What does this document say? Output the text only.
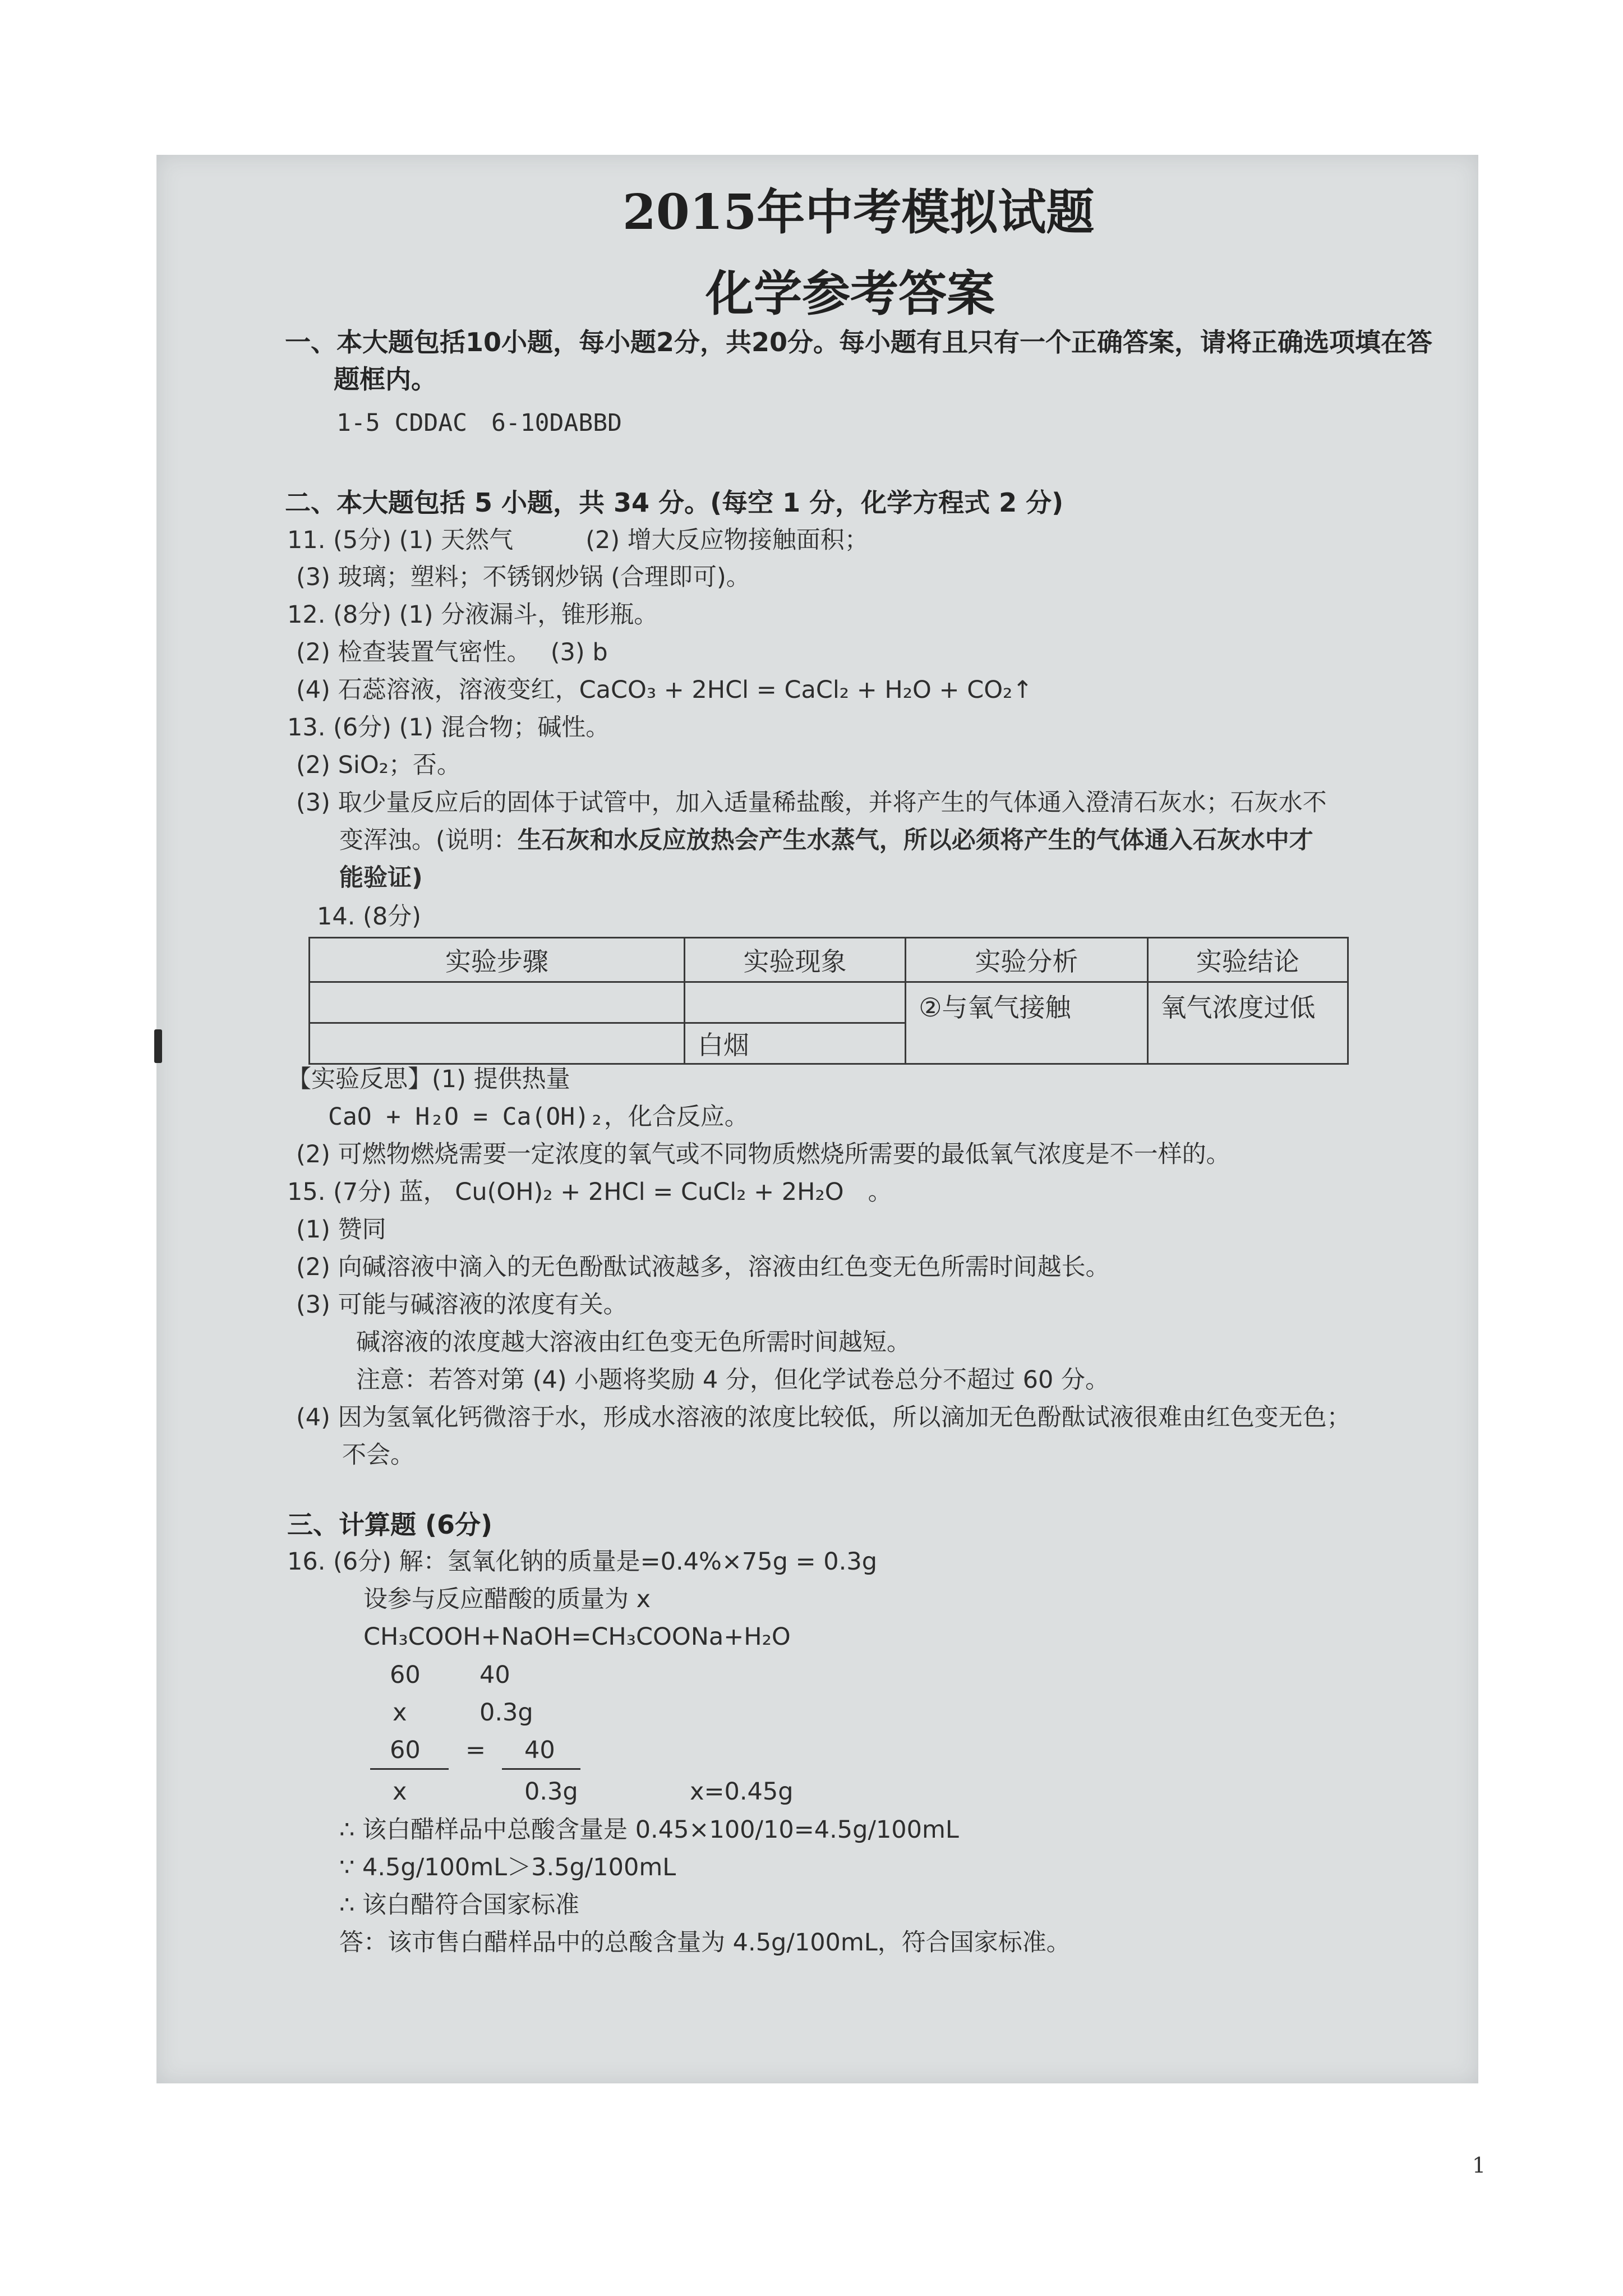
2015年中考模拟试题
化学参考答案
一、本大题包括10小题，每小题2分，共20分。每小题有且只有一个正确答案，请将正确选项填在答
题框内。
1-5 CDDAC　6-10DABBD
二、本大题包括 5 小题，共 34 分。(每空 1 分，化学方程式 2 分)
11. (5分) (1) 天然气　　　(2) 增大反应物接触面积；
(3) 玻璃；塑料；不锈钢炒锅 (合理即可)。
12. (8分) (1) 分液漏斗，锥形瓶。
(2) 检查装置气密性。　 (3) b
(4) 石蕊溶液，溶液变红，CaCO₃ + 2HCl = CaCl₂ + H₂O + CO₂↑
13. (6分) (1) 混合物；碱性。
(2) SiO₂；否。
(3) 取少量反应后的固体于试管中，加入适量稀盐酸，并将产生的气体通入澄清石灰水；石灰水不
变浑浊。(说明：生石灰和水反应放热会产生水蒸气，所以必须将产生的气体通入石灰水中才
能验证)
14. (8分)
实验步骤	实验现象	实验分析	实验结论
		②与氧气接触	氧气浓度过低
	白烟		
【实验反思】(1) 提供热量
CaO + H₂O = Ca(OH)₂，化合反应。
(2) 可燃物燃烧需要一定浓度的氧气或不同物质燃烧所需要的最低氧气浓度是不一样的。
15. (7分) 蓝， Cu(OH)₂ + 2HCl = CuCl₂ + 2H₂O　。
(1) 赞同
(2) 向碱溶液中滴入的无色酚酞试液越多，溶液由红色变无色所需时间越长。
(3) 可能与碱溶液的浓度有关。
碱溶液的浓度越大溶液由红色变无色所需时间越短。
注意：若答对第 (4) 小题将奖励 4 分，但化学试卷总分不超过 60 分。
(4) 因为氢氧化钙微溶于水，形成水溶液的浓度比较低，所以滴加无色酚酞试液很难由红色变无色；
不会。
三、计算题 (6分)
16. (6分) 解：氢氧化钠的质量是=0.4%×75g = 0.3g
设参与反应醋酸的质量为 x
CH₃COOH+NaOH=CH₃COONa+H₂O
60 40
x	0.3g
60 = 40
x	0.3g	x=0.45g
∴ 该白醋样品中总酸含量是 0.45×100/10=4.5g/100mL
∵ 4.5g/100mL＞3.5g/100mL
∴ 该白醋符合国家标准
答：该市售白醋样品中的总酸含量为 4.5g/100mL，符合国家标准。
1
